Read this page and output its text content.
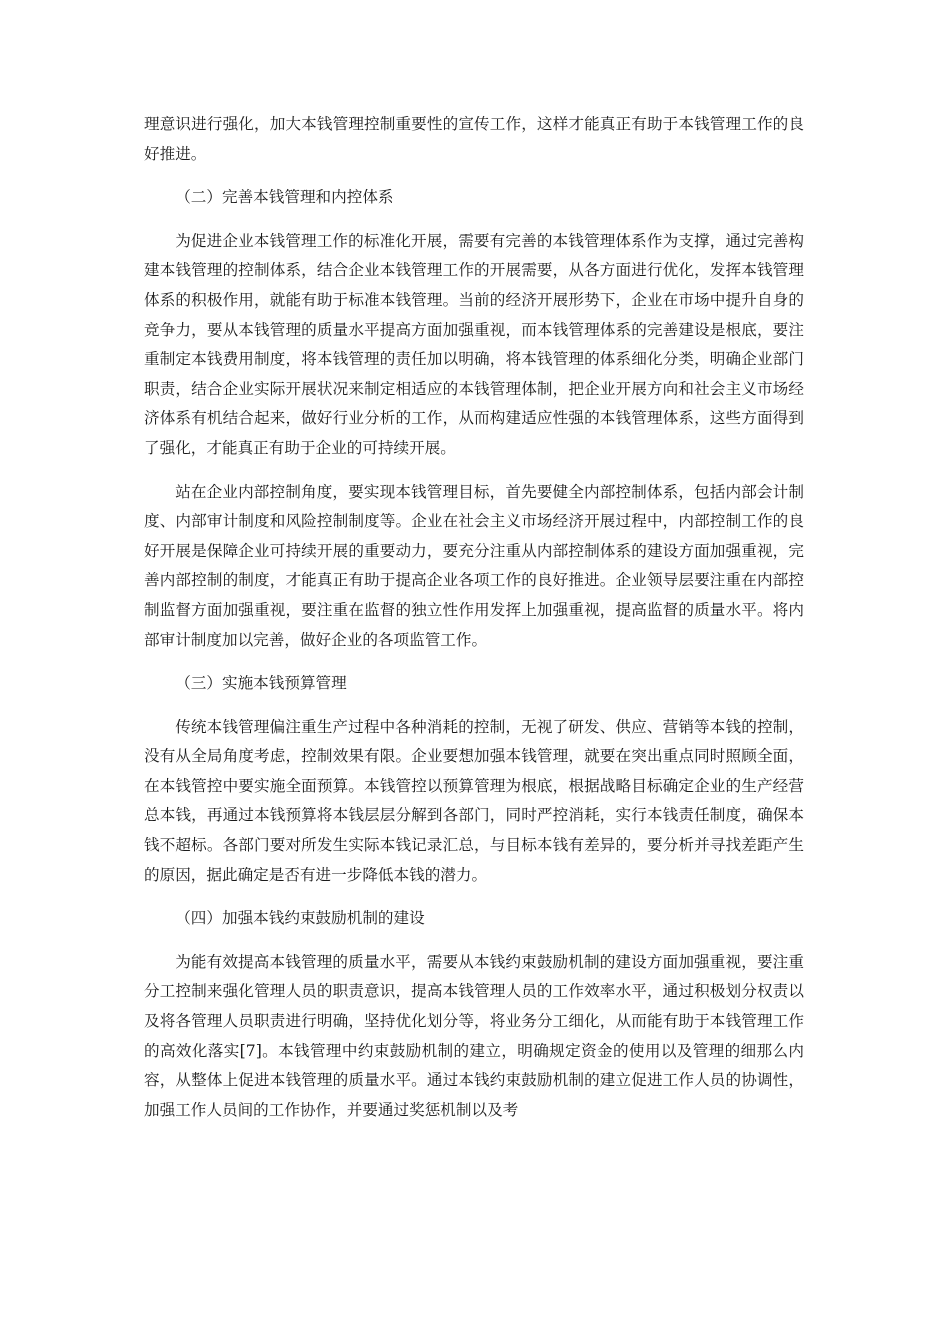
理意识进行强化，加大本钱管理控制重要性的宣传工作，这样才能真正有助于本钱管理工作的良好推进。

（二）完善本钱管理和内控体系

为促进企业本钱管理工作的标准化开展，需要有完善的本钱管理体系作为支撑，通过完善构建本钱管理的控制体系，结合企业本钱管理工作的开展需要，从各方面进行优化，发挥本钱管理体系的积极作用，就能有助于标准本钱管理。当前的经济开展形势下，企业在市场中提升自身的竞争力，要从本钱管理的质量水平提高方面加强重视，而本钱管理体系的完善建设是根底，要注重制定本钱费用制度，将本钱管理的责任加以明确，将本钱管理的体系细化分类，明确企业部门职责，结合企业实际开展状况来制定相适应的本钱管理体制，把企业开展方向和社会主义市场经济体系有机结合起来，做好行业分析的工作，从而构建适应性强的本钱管理体系，这些方面得到了强化，才能真正有助于企业的可持续开展。

站在企业内部控制角度，要实现本钱管理目标，首先要健全内部控制体系，包括内部会计制度、内部审计制度和风险控制制度等。企业在社会主义市场经济开展过程中，内部控制工作的良好开展是保障企业可持续开展的重要动力，要充分注重从内部控制体系的建设方面加强重视，完善内部控制的制度，才能真正有助于提高企业各项工作的良好推进。企业领导层要注重在内部控制监督方面加强重视，要注重在监督的独立性作用发挥上加强重视，提高监督的质量水平。将内部审计制度加以完善，做好企业的各项监管工作。

（三）实施本钱预算管理

传统本钱管理偏注重生产过程中各种消耗的控制，无视了研发、供应、营销等本钱的控制，没有从全局角度考虑，控制效果有限。企业要想加强本钱管理，就要在突出重点同时照顾全面，在本钱管控中要实施全面预算。本钱管控以预算管理为根底，根据战略目标确定企业的生产经营总本钱，再通过本钱预算将本钱层层分解到各部门，同时严控消耗，实行本钱责任制度，确保本钱不超标。各部门要对所发生实际本钱记录汇总，与目标本钱有差异的，要分析并寻找差距产生的原因，据此确定是否有进一步降低本钱的潜力。

（四）加强本钱约束鼓励机制的建设

为能有效提高本钱管理的质量水平，需要从本钱约束鼓励机制的建设方面加强重视，要注重分工控制来强化管理人员的职责意识，提高本钱管理人员的工作效率水平，通过积极划分权责以及将各管理人员职责进行明确，坚持优化划分等，将业务分工细化，从而能有助于本钱管理工作的高效化落实[7]。本钱管理中约束鼓励机制的建立，明确规定资金的使用以及管理的细那么内容，从整体上促进本钱管理的质量水平。通过本钱约束鼓励机制的建立促进工作人员的协调性，加强工作人员间的工作协作，并要通过奖惩机制以及考
